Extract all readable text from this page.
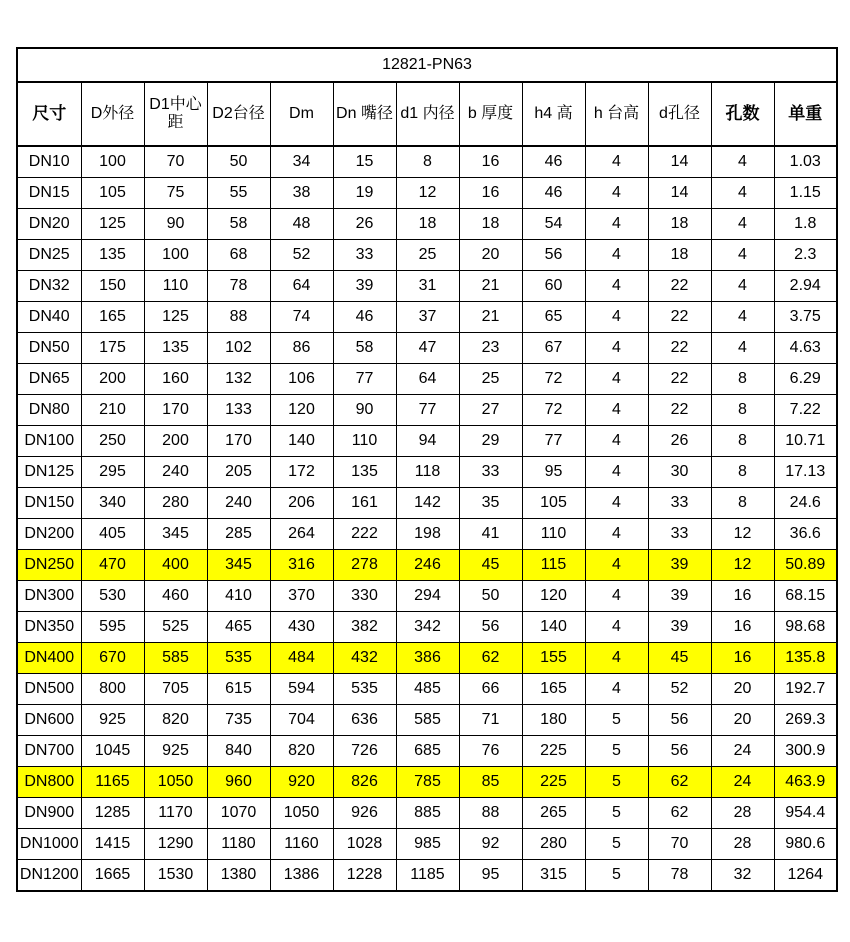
12821-PN63												
尺寸	D外径	D1中心距	D2台径	Dm	Dn 嘴径	d1 内径	b 厚度	h4 高	h 台高	d孔径	孔数	单重
DN10	100	70	50	34	15	8	16	46	4	14	4	1.03
DN15	105	75	55	38	19	12	16	46	4	14	4	1.15
DN20	125	90	58	48	26	18	18	54	4	18	4	1.8
DN25	135	100	68	52	33	25	20	56	4	18	4	2.3
DN32	150	110	78	64	39	31	21	60	4	22	4	2.94
DN40	165	125	88	74	46	37	21	65	4	22	4	3.75
DN50	175	135	102	86	58	47	23	67	4	22	4	4.63
DN65	200	160	132	106	77	64	25	72	4	22	8	6.29
DN80	210	170	133	120	90	77	27	72	4	22	8	7.22
DN100	250	200	170	140	110	94	29	77	4	26	8	10.71
DN125	295	240	205	172	135	118	33	95	4	30	8	17.13
DN150	340	280	240	206	161	142	35	105	4	33	8	24.6
DN200	405	345	285	264	222	198	41	110	4	33	12	36.6
DN250	470	400	345	316	278	246	45	115	4	39	12	50.89
DN300	530	460	410	370	330	294	50	120	4	39	16	68.15
DN350	595	525	465	430	382	342	56	140	4	39	16	98.68
DN400	670	585	535	484	432	386	62	155	4	45	16	135.8
DN500	800	705	615	594	535	485	66	165	4	52	20	192.7
DN600	925	820	735	704	636	585	71	180	5	56	20	269.3
DN700	1045	925	840	820	726	685	76	225	5	56	24	300.9
DN800	1165	1050	960	920	826	785	85	225	5	62	24	463.9
DN900	1285	1170	1070	1050	926	885	88	265	5	62	28	954.4
DN1000	1415	1290	1180	1160	1028	985	92	280	5	70	28	980.6
DN1200	1665	1530	1380	1386	1228	1185	95	315	5	78	32	1264
